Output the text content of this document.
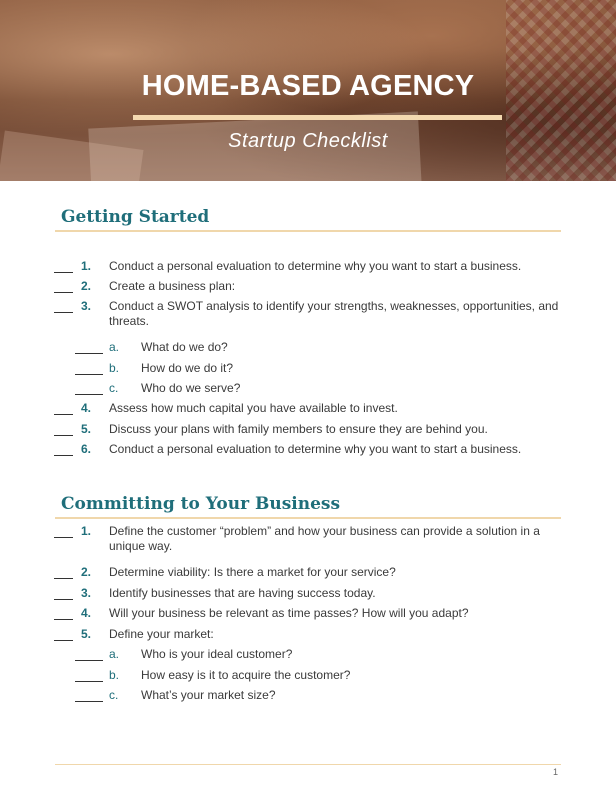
HOME-BASED AGENCY
Startup Checklist
Getting Started
1. Conduct a personal evaluation to determine why you want to start a business.
2. Create a business plan:
3. Conduct a SWOT analysis to identify your strengths, weaknesses, opportunities, and threats.
a. What do we do?
b. How do we do it?
c. Who do we serve?
4. Assess how much capital you have available to invest.
5. Discuss your plans with family members to ensure they are behind you.
6. Conduct a personal evaluation to determine why you want to start a business.
Committing to Your Business
1. Define the customer “problem” and how your business can provide a solution in a unique way.
2. Determine viability: Is there a market for your service?
3. Identify businesses that are having success today.
4. Will your business be relevant as time passes? How will you adapt?
5. Define your market:
a. Who is your ideal customer?
b. How easy is it to acquire the customer?
c. What’s your market size?
1
